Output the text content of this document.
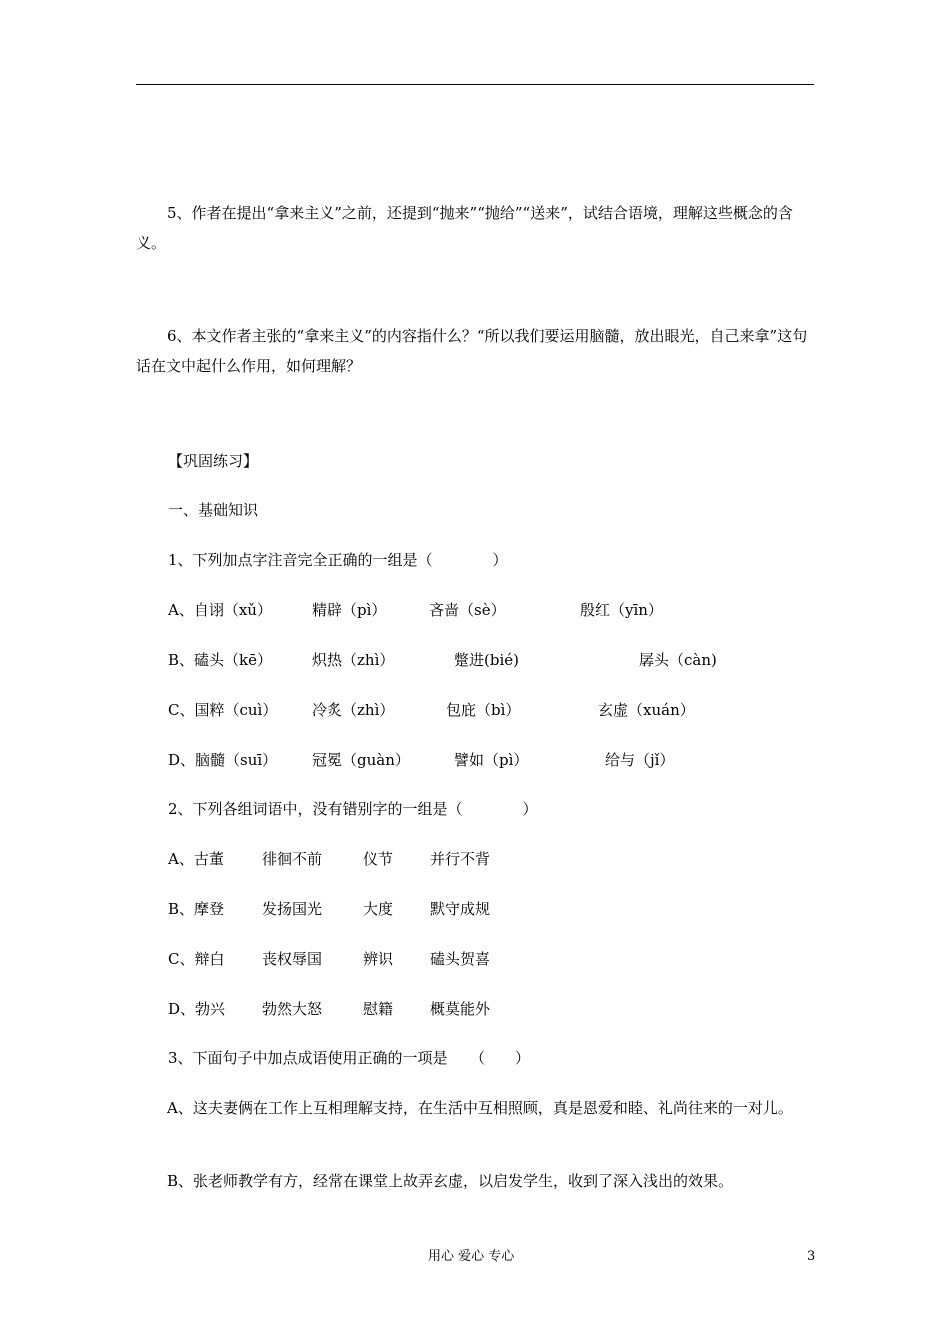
5、作者在提出“拿来主义”之前，还提到“抛来”“抛给”“送来”，试结合语境，理解这些概念的含义。
6、本文作者主张的“拿来主义”的内容指什么？“所以我们要运用脑髓，放出眼光，自己来拿”这句话在文中起什么作用，如何理解？
【巩固练习】
一、基础知识
1、下列加点字注音完全正确的一组是（　　　　）
A、自诩（xǔ）	精辟（pì）	吝啬（sè）	殷红（yīn）
B、磕头（kē）	炽热（zhì）	蹩进(bié)	孱头（càn)
C、国粹（cuì） 冷炙（zhì）	包庇（bì）	玄虚（xuán）
D、脑髓（suī） 冠冕（guàn）	譬如（pì）	给与（jǐ）
2、下列各组词语中，没有错别字的一组是（　　　　）
A、古董	徘徊不前	仪节 并行不背
B、摩登	发扬国光	大度 默守成规
C、辩白	丧权辱国	辨识 磕头贺喜
D、勃兴 勃然大怒	慰籍 概莫能外
3、下面句子中加点成语使用正确的一项是　　（　　）
A、这夫妻俩在工作上互相理解支持，在生活中互相照顾，真是恩爱和睦、礼尚往来的一对儿。
B、张老师教学有方，经常在课堂上故弄玄虚，以启发学生，收到了深入浅出的效果。
用心 爱心 专心	3
